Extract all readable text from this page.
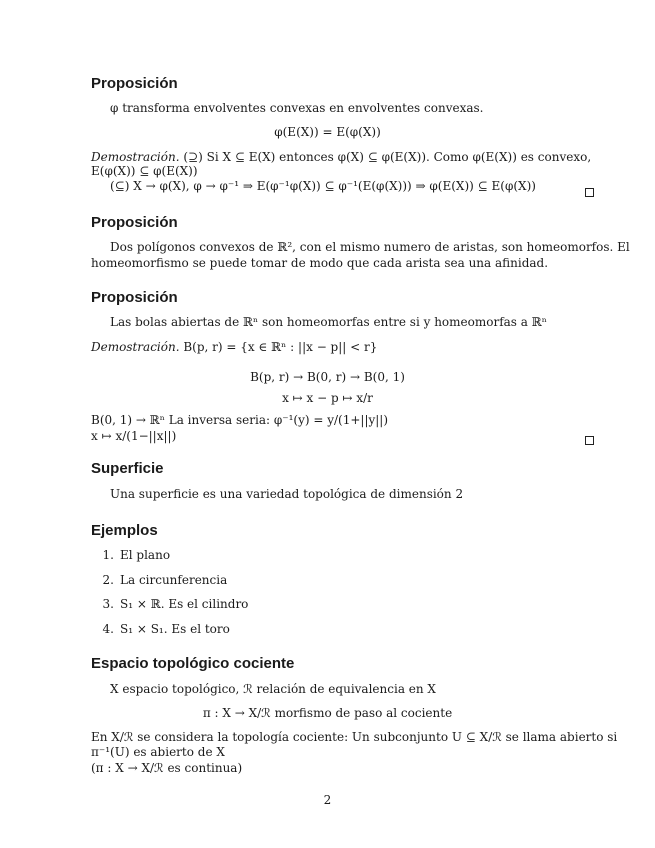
Proposición
φ transforma envolventes convexas en envolventes convexas.
φ(E(X)) = E(φ(X))
Demostración. (⊇) Si X ⊆ E(X) entonces φ(X) ⊆ φ(E(X)). Como φ(E(X)) es convexo,
E(φ(X)) ⊆ φ(E(X))
(⊆) X → φ(X), φ → φ⁻¹ ⇒ E(φ⁻¹φ(X)) ⊆ φ⁻¹(E(φ(X))) ⇒ φ(E(X)) ⊆ E(φ(X))
Proposición
Dos polígonos convexos de ℝ², con el mismo numero de aristas, son homeomorfos. El
homeomorfismo se puede tomar de modo que cada arista sea una afinidad.
Proposición
Las bolas abiertas de ℝⁿ son homeomorfas entre si y homeomorfas a ℝⁿ
Demostración. B(p, r) = {x ∈ ℝⁿ : ||x − p|| < r}
B(p, r) → B(0, r) → B(0, 1)
x ↦ x − p ↦ x/r
B(0, 1) → ℝⁿ La inversa seria: φ⁻¹(y) = y/(1+||y||)
x ↦ x/(1−||x||)
Superficie
Una superficie es una variedad topológica de dimensión 2
Ejemplos
1. El plano
2. La circunferencia
3. S₁ × ℝ. Es el cilindro
4. S₁ × S₁. Es el toro
Espacio topológico cociente
X espacio topológico, ℛ relación de equivalencia en X
π : X → X/ℛ morfismo de paso al cociente
En X/ℛ se considera la topología cociente: Un subconjunto U ⊆ X/ℛ se llama abierto si
π⁻¹(U) es abierto de X
(π : X → X/ℛ es continua)
2
